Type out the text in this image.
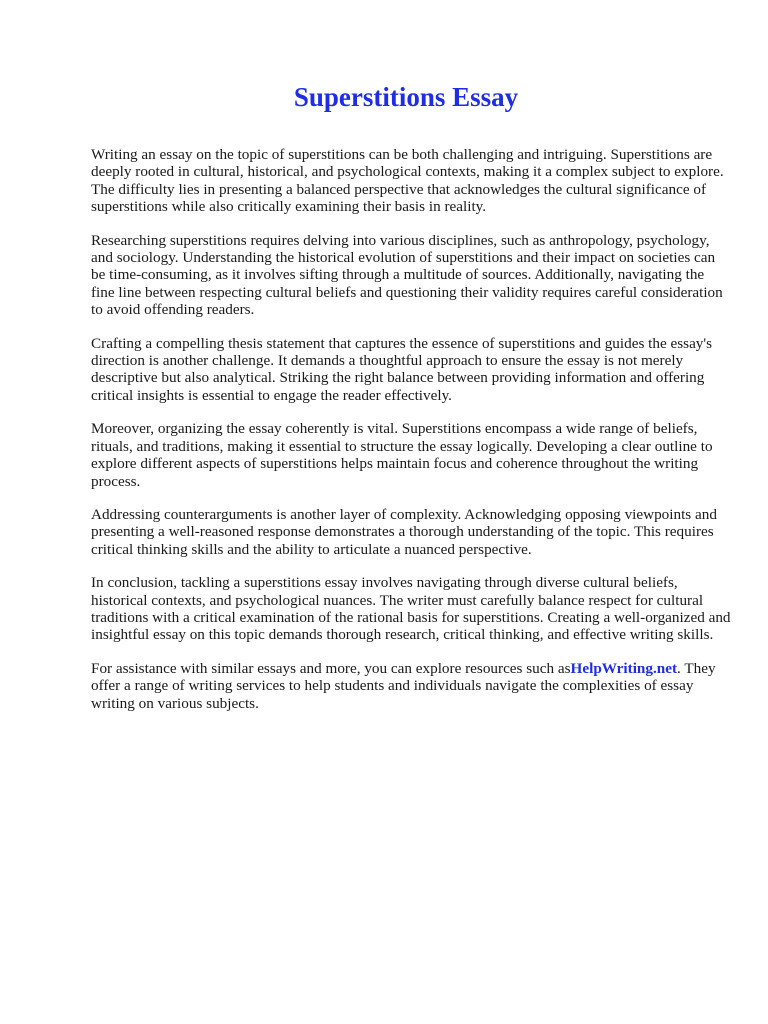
Superstitions Essay

Writing an essay on the topic of superstitions can be both challenging and intriguing. Superstitions are deeply rooted in cultural, historical, and psychological contexts, making it a complex subject to explore. The difficulty lies in presenting a balanced perspective that acknowledges the cultural significance of superstitions while also critically examining their basis in reality.

Researching superstitions requires delving into various disciplines, such as anthropology, psychology, and sociology. Understanding the historical evolution of superstitions and their impact on societies can be time-consuming, as it involves sifting through a multitude of sources. Additionally, navigating the fine line between respecting cultural beliefs and questioning their validity requires careful consideration to avoid offending readers.

Crafting a compelling thesis statement that captures the essence of superstitions and guides the essay's direction is another challenge. It demands a thoughtful approach to ensure the essay is not merely descriptive but also analytical. Striking the right balance between providing information and offering critical insights is essential to engage the reader effectively.

Moreover, organizing the essay coherently is vital. Superstitions encompass a wide range of beliefs, rituals, and traditions, making it essential to structure the essay logically. Developing a clear outline to explore different aspects of superstitions helps maintain focus and coherence throughout the writing process.

Addressing counterarguments is another layer of complexity. Acknowledging opposing viewpoints and presenting a well-reasoned response demonstrates a thorough understanding of the topic. This requires critical thinking skills and the ability to articulate a nuanced perspective.

In conclusion, tackling a superstitions essay involves navigating through diverse cultural beliefs, historical contexts, and psychological nuances. The writer must carefully balance respect for cultural traditions with a critical examination of the rational basis for superstitions. Creating a well-organized and insightful essay on this topic demands thorough research, critical thinking, and effective writing skills.

For assistance with similar essays and more, you can explore resources such asHelpWriting.net. They offer a range of writing services to help students and individuals navigate the complexities of essay writing on various subjects.
